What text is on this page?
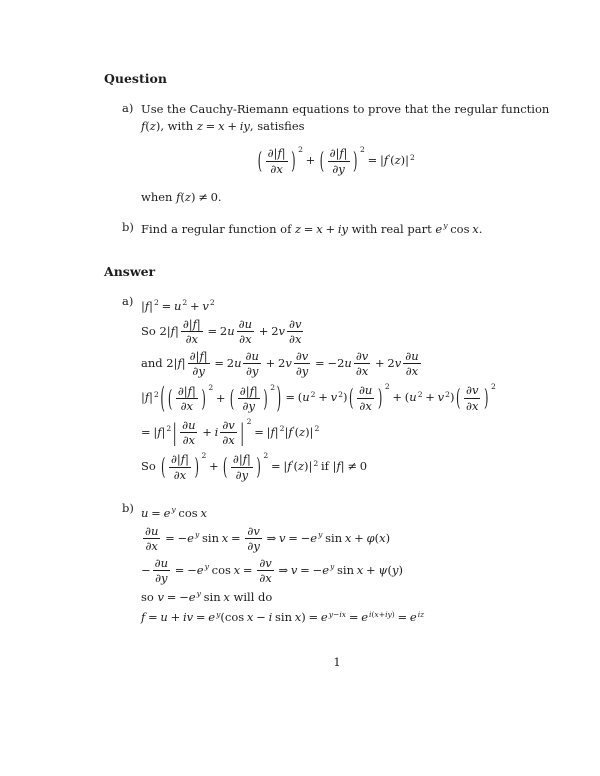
Question
a) Use the Cauchy-Riemann equations to prove that the regular function
f(z), with z = x + iy, satisfies
( $\frac{\partial|f|}{\partial x}$ ) 2+ ( $\frac{\partial|f|}{\partial y}$ ) 2= |f′(z)|2
when f(z) ≠ 0.
b) Find a regular function of z = x + iy with real part ey cos x.
Answer
a) |f|2 = u2 + v2
So $2|f| \frac{\partial|f|}{\partial x} = 2u \frac{\partial u}{\partial x} + 2v \frac{\partial v}{\partial x}$
and $2|f| \frac{\partial|f|}{\partial y} = 2u \frac{\partial u}{\partial y} + 2v \frac{\partial v}{\partial y} = -2u \frac{\partial v}{\partial x} + 2v \frac{\partial u}{\partial x}$
|f|2 ( ( $\frac{\partial|f|}{\partial x}$ ) 2+ ( $\frac{\partial|f|}{\partial y}$ ) 2 ) = (u2 + v2) ( $\frac{\partial u}{\partial x}$ ) 2+ (u2 + v2) ( $\frac{\partial v}{\partial x}$ ) 2
= |f|2 | $\frac{\partial u}{\partial x} + i \frac{\partial v}{\partial x}$ | 2= |f|2|f′(z)|2
So ( $\frac{\partial|f|}{\partial x}$ ) 2+ ( $\frac{\partial|f|}{\partial y}$ ) 2= |f′(z)|2 if |f| ≠ 0
b) u = ey cos x
$\frac{\partial u}{\partial x} = -ey$ $\sin x = \frac{\partial v}{\partial y}$ ⇒ v = −ey sin x + φ(x)
− $\frac{\partial u}{\partial y} = -ey$ $\cos x = \frac{\partial v}{\partial x}$ ⇒ v = −ey sin x + ψ(y)
so v = −ey sin x will do
f = u + iv = ey(cos x − i sin x) = ey−ix = ei(x+iy) = eiz
1
